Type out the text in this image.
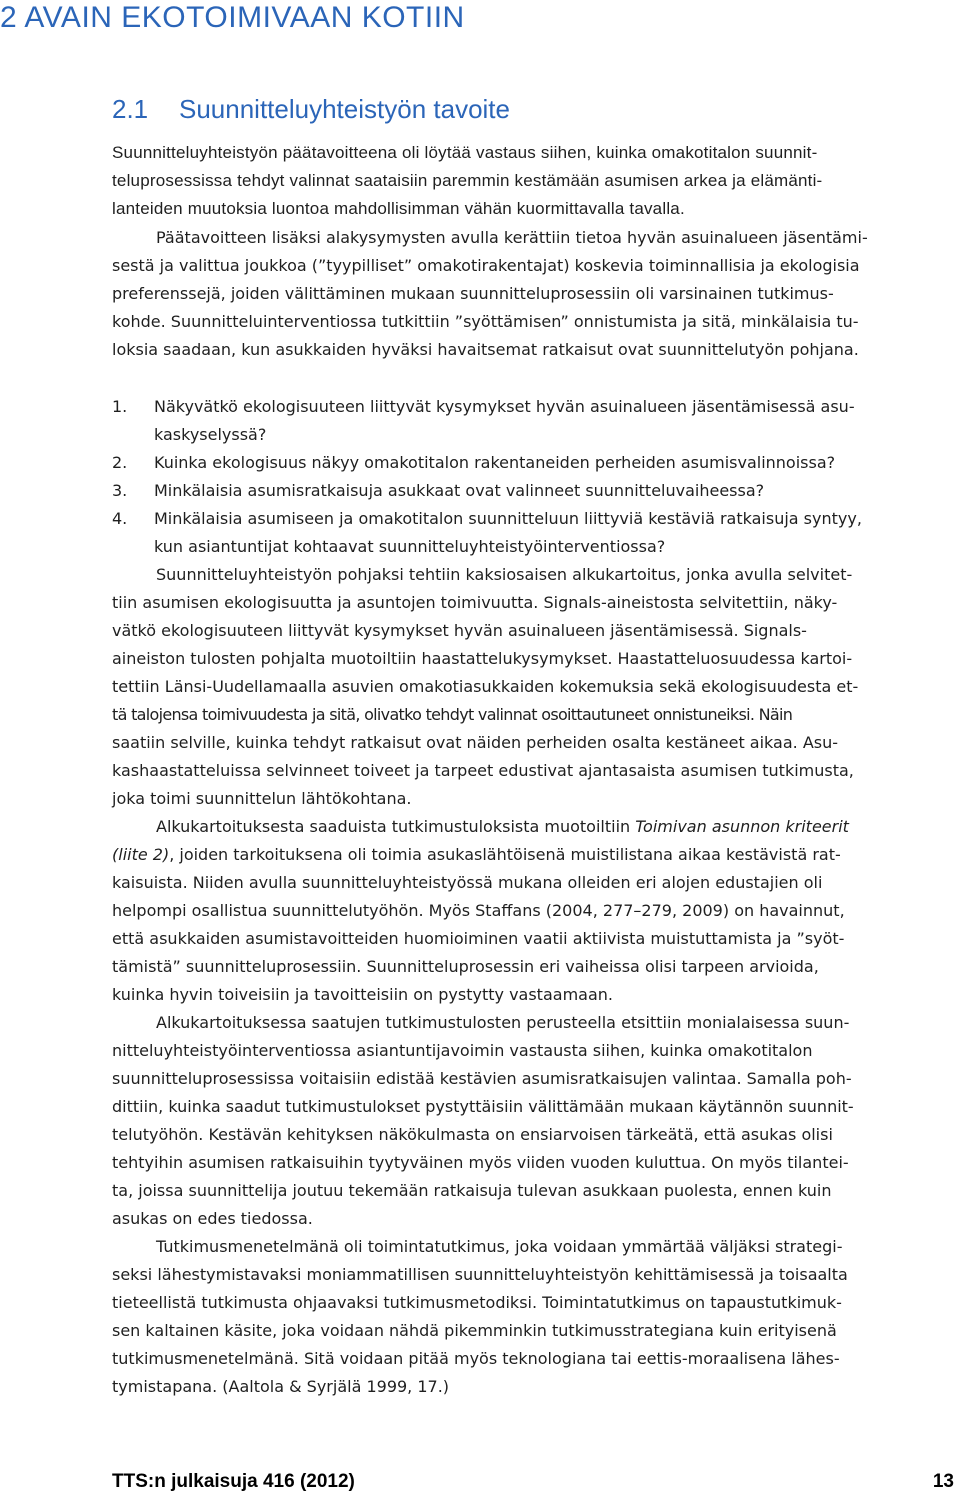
2 AVAIN EKOTOIMIVAAN KOTIIN
2.1 Suunnitteluyhteistyön tavoite
Suunnitteluyhteistyön päätavoitteena oli löytää vastaus siihen, kuinka omakotitalon suunnit-
teluprosessissa tehdyt valinnat saataisiin paremmin kestämään asumisen arkea ja elämänti-
lanteiden muutoksia luontoa mahdollisimman vähän kuormittavalla tavalla.
Päätavoitteen lisäksi alakysymysten avulla kerättiin tietoa hyvän asuinalueen jäsentämi-
sestä ja valittua joukkoa (”tyypilliset” omakotirakentajat) koskevia toiminnallisia ja ekologisia
preferenssejä, joiden välittäminen mukaan suunnitteluprosessiin oli varsinainen tutkimus-
kohde. Suunnitteluinterventiossa tutkittiin ”syöttämisen” onnistumista ja sitä, minkälaisia tu-
loksia saadaan, kun asukkaiden hyväksi havaitsemat ratkaisut ovat suunnittelutyön pohjana.
1.	Näkyvätkö ekologisuuteen liittyvät kysymykset hyvän asuinalueen jäsentämisessä asu-
kaskyselyssä?
2.	Kuinka ekologisuus näkyy omakotitalon rakentaneiden perheiden asumisvalinnoissa?
3.	Minkälaisia asumisratkaisuja asukkaat ovat valinneet suunnitteluvaiheessa?
4.	Minkälaisia asumiseen ja omakotitalon suunnitteluun liittyviä kestäviä ratkaisuja syntyy,
kun asiantuntijat kohtaavat suunnitteluyhteistyöinterventiossa?
Suunnitteluyhteistyön pohjaksi tehtiin kaksiosaisen alkukartoitus, jonka avulla selvitet-
tiin asumisen ekologisuutta ja asuntojen toimivuutta. Signals-aineistosta selvitettiin, näky-
vätkö ekologisuuteen liittyvät kysymykset hyvän asuinalueen jäsentämisessä. Signals-
aineiston tulosten pohjalta muotoiltiin haastattelukysymykset. Haastatteluosuudessa kartoi-
tettiin Länsi-Uudellamaalla asuvien omakotiasukkaiden kokemuksia sekä ekologisuudesta et-
tä talojensa toimivuudesta ja sitä, olivatko tehdyt valinnat osoittautuneet onnistuneiksi. Näin
saatiin selville, kuinka tehdyt ratkaisut ovat näiden perheiden osalta kestäneet aikaa. Asu-
kashaastatteluissa selvinneet toiveet ja tarpeet edustivat ajantasaista asumisen tutkimusta,
joka toimi suunnittelun lähtökohtana.
Alkukartoituksesta saaduista tutkimustuloksista muotoiltiin Toimivan asunnon kriteerit
(liite 2), joiden tarkoituksena oli toimia asukaslähtöisenä muistilistana aikaa kestävistä rat-
kaisuista. Niiden avulla suunnitteluyhteistyössä mukana olleiden eri alojen edustajien oli
helpompi osallistua suunnittelutyöhön. Myös Staffans (2004, 277–279, 2009) on havainnut,
että asukkaiden asumistavoitteiden huomioiminen vaatii aktiivista muistuttamista ja ”syöt-
tämistä” suunnitteluprosessiin. Suunnitteluprosessin eri vaiheissa olisi tarpeen arvioida,
kuinka hyvin toiveisiin ja tavoitteisiin on pystytty vastaamaan.
Alkukartoituksessa saatujen tutkimustulosten perusteella etsittiin monialaisessa suun-
nitteluyhteistyöinterventiossa asiantuntijavoimin vastausta siihen, kuinka omakotitalon
suunnitteluprosessissa voitaisiin edistää kestävien asumisratkaisujen valintaa. Samalla poh-
dittiin, kuinka saadut tutkimustulokset pystyttäisiin välittämään mukaan käytännön suunnit-
telutyöhön. Kestävän kehityksen näkökulmasta on ensiarvoisen tärkeätä, että asukas olisi
tehtyihin asumisen ratkaisuihin tyytyväinen myös viiden vuoden kuluttua. On myös tilantei-
ta, joissa suunnittelija joutuu tekemään ratkaisuja tulevan asukkaan puolesta, ennen kuin
asukas on edes tiedossa.
Tutkimusmenetelmänä oli toimintatutkimus, joka voidaan ymmärtää väljäksi strategi-
seksi lähestymistavaksi moniammatillisen suunnitteluyhteistyön kehittämisessä ja toisaalta
tieteellistä tutkimusta ohjaavaksi tutkimusmetodiksi. Toimintatutkimus on tapaustutkimuk-
sen kaltainen käsite, joka voidaan nähdä pikemminkin tutkimusstrategiana kuin erityisenä
tutkimusmenetelmänä. Sitä voidaan pitää myös teknologiana tai eettis-moraalisena lähes-
tymistapana. (Aaltola & Syrjälä 1999, 17.)
TTS:n julkaisuja 416 (2012)	13
